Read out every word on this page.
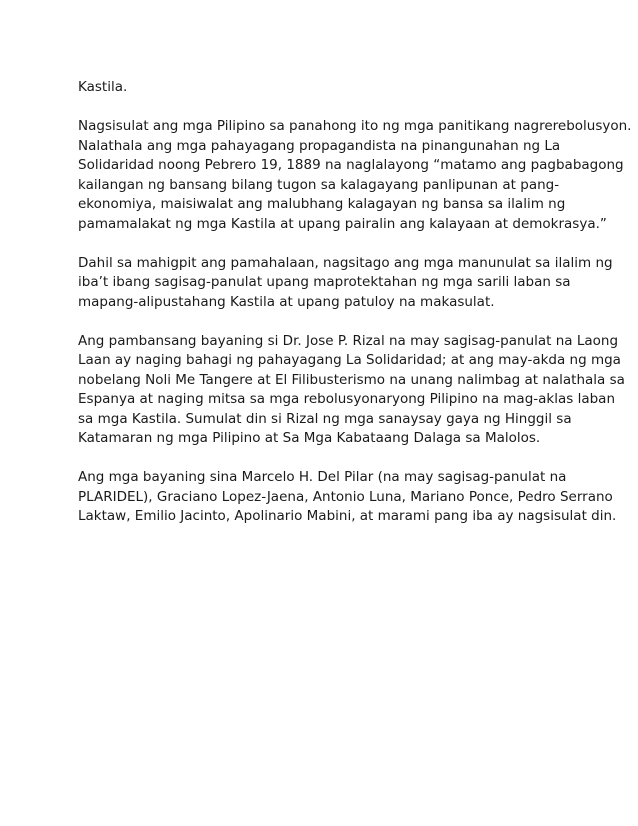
Kastila.

Nagsisulat ang mga Pilipino sa panahong ito ng mga panitikang nagrerebolusyon.
Nalathala ang mga pahayagang propagandista na pinangunahan ng La
Solidaridad noong Pebrero 19, 1889 na naglalayong “matamo ang pagbabagong
kailangan ng bansang bilang tugon sa kalagayang panlipunan at pang-
ekonomiya, maisiwalat ang malubhang kalagayan ng bansa sa ilalim ng
pamamalakat ng mga Kastila at upang pairalin ang kalayaan at demokrasya.”

Dahil sa mahigpit ang pamahalaan, nagsitago ang mga manunulat sa ilalim ng
iba’t ibang sagisag-panulat upang maprotektahan ng mga sarili laban sa
mapang-alipustahang Kastila at upang patuloy na makasulat.

Ang pambansang bayaning si Dr. Jose P. Rizal na may sagisag-panulat na Laong
Laan ay naging bahagi ng pahayagang La Solidaridad; at ang may-akda ng mga
nobelang Noli Me Tangere at El Filibusterismo na unang nalimbag at nalathala sa
Espanya at naging mitsa sa mga rebolusyonaryong Pilipino na mag-aklas laban
sa mga Kastila. Sumulat din si Rizal ng mga sanaysay gaya ng Hinggil sa
Katamaran ng mga Pilipino at Sa Mga Kabataang Dalaga sa Malolos.

Ang mga bayaning sina Marcelo H. Del Pilar (na may sagisag-panulat na
PLARIDEL), Graciano Lopez-Jaena, Antonio Luna, Mariano Ponce, Pedro Serrano
Laktaw, Emilio Jacinto, Apolinario Mabini, at marami pang iba ay nagsisulat din.
